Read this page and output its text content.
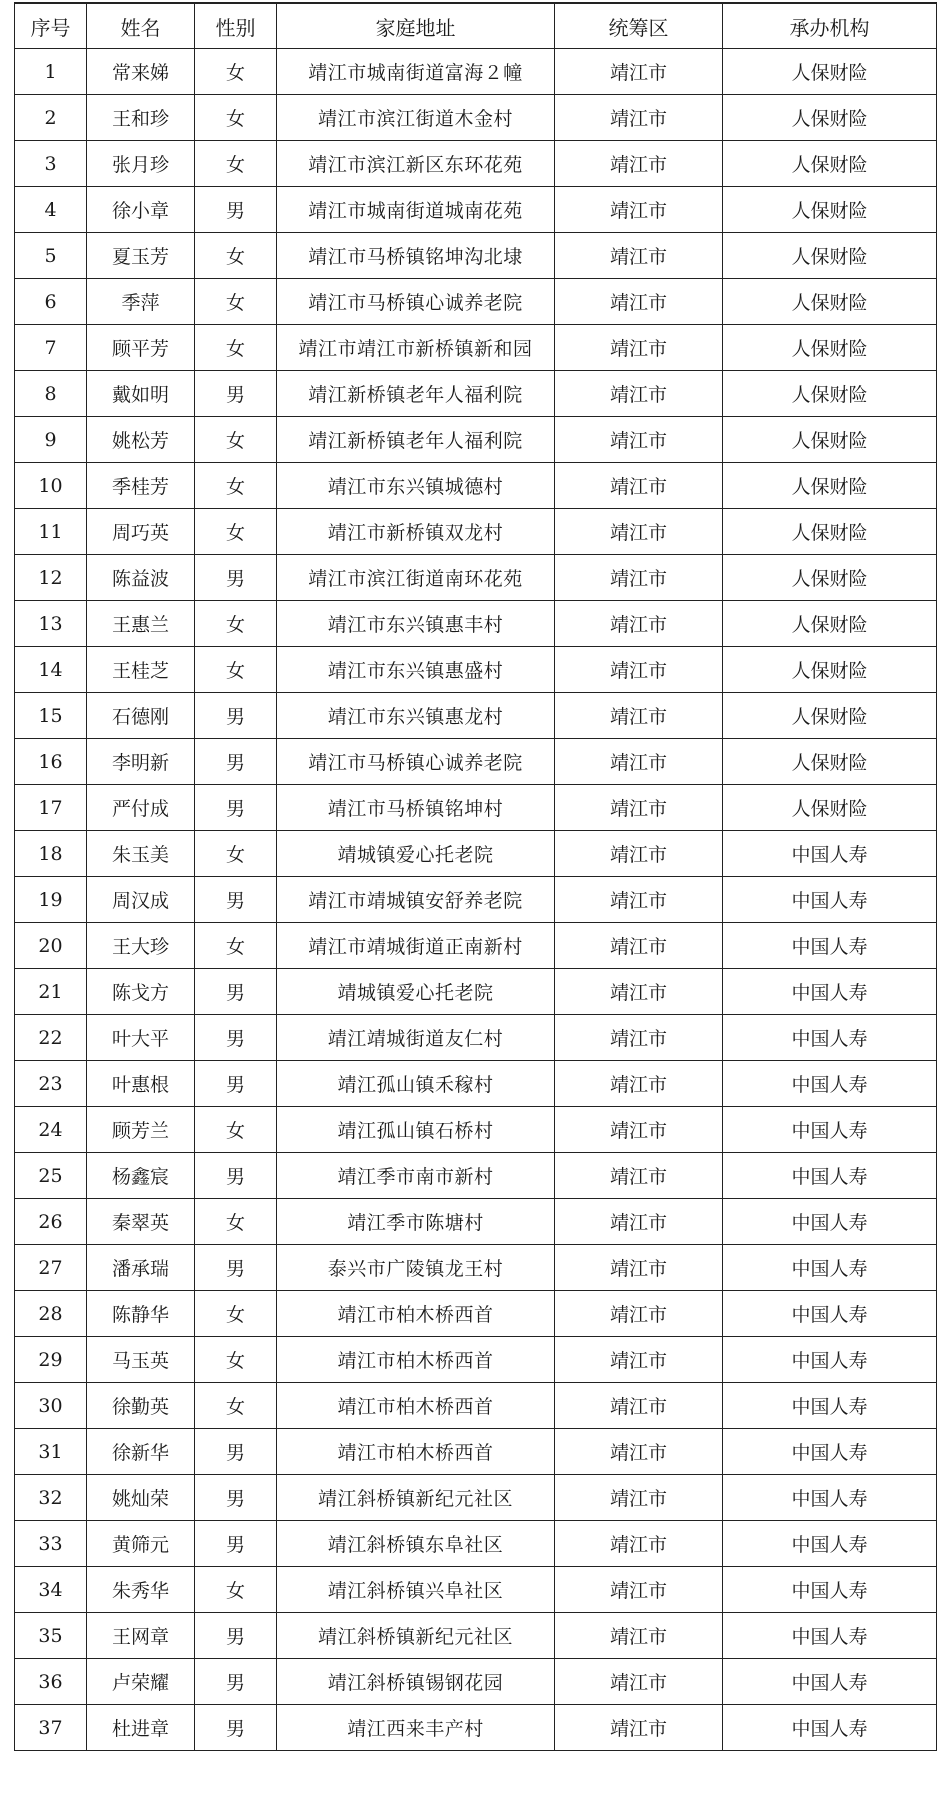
序号	姓名	性别	家庭地址	统筹区	承办机构
1	常来娣	女	靖江市城南街道富海２幢	靖江市	人保财险
2	王和珍	女	靖江市滨江街道木金村	靖江市	人保财险
3	张月珍	女	靖江市滨江新区东环花苑	靖江市	人保财险
4	徐小章	男	靖江市城南街道城南花苑	靖江市	人保财险
5	夏玉芳	女	靖江市马桥镇铭坤沟北埭	靖江市	人保财险
6	季萍	女	靖江市马桥镇心诚养老院	靖江市	人保财险
7	顾平芳	女	靖江市靖江市新桥镇新和园	靖江市	人保财险
8	戴如明	男	靖江新桥镇老年人福利院	靖江市	人保财险
9	姚松芳	女	靖江新桥镇老年人福利院	靖江市	人保财险
10	季桂芳	女	靖江市东兴镇城德村	靖江市	人保财险
11	周巧英	女	靖江市新桥镇双龙村	靖江市	人保财险
12	陈益波	男	靖江市滨江街道南环花苑	靖江市	人保财险
13	王惠兰	女	靖江市东兴镇惠丰村	靖江市	人保财险
14	王桂芝	女	靖江市东兴镇惠盛村	靖江市	人保财险
15	石德刚	男	靖江市东兴镇惠龙村	靖江市	人保财险
16	李明新	男	靖江市马桥镇心诚养老院	靖江市	人保财险
17	严付成	男	靖江市马桥镇铭坤村	靖江市	人保财险
18	朱玉美	女	靖城镇爱心托老院	靖江市	中国人寿
19	周汉成	男	靖江市靖城镇安舒养老院	靖江市	中国人寿
20	王大珍	女	靖江市靖城街道正南新村	靖江市	中国人寿
21	陈戈方	男	靖城镇爱心托老院	靖江市	中国人寿
22	叶大平	男	靖江靖城街道友仁村	靖江市	中国人寿
23	叶惠根	男	靖江孤山镇禾稼村	靖江市	中国人寿
24	顾芳兰	女	靖江孤山镇石桥村	靖江市	中国人寿
25	杨鑫宸	男	靖江季市南市新村	靖江市	中国人寿
26	秦翠英	女	靖江季市陈塘村	靖江市	中国人寿
27	潘承瑞	男	泰兴市广陵镇龙王村	靖江市	中国人寿
28	陈静华	女	靖江市柏木桥西首	靖江市	中国人寿
29	马玉英	女	靖江市柏木桥西首	靖江市	中国人寿
30	徐勤英	女	靖江市柏木桥西首	靖江市	中国人寿
31	徐新华	男	靖江市柏木桥西首	靖江市	中国人寿
32	姚灿荣	男	靖江斜桥镇新纪元社区	靖江市	中国人寿
33	黄筛元	男	靖江斜桥镇东阜社区	靖江市	中国人寿
34	朱秀华	女	靖江斜桥镇兴阜社区	靖江市	中国人寿
35	王网章	男	靖江斜桥镇新纪元社区	靖江市	中国人寿
36	卢荣耀	男	靖江斜桥镇锡钢花园	靖江市	中国人寿
37	杜进章	男	靖江西来丰产村	靖江市	中国人寿
